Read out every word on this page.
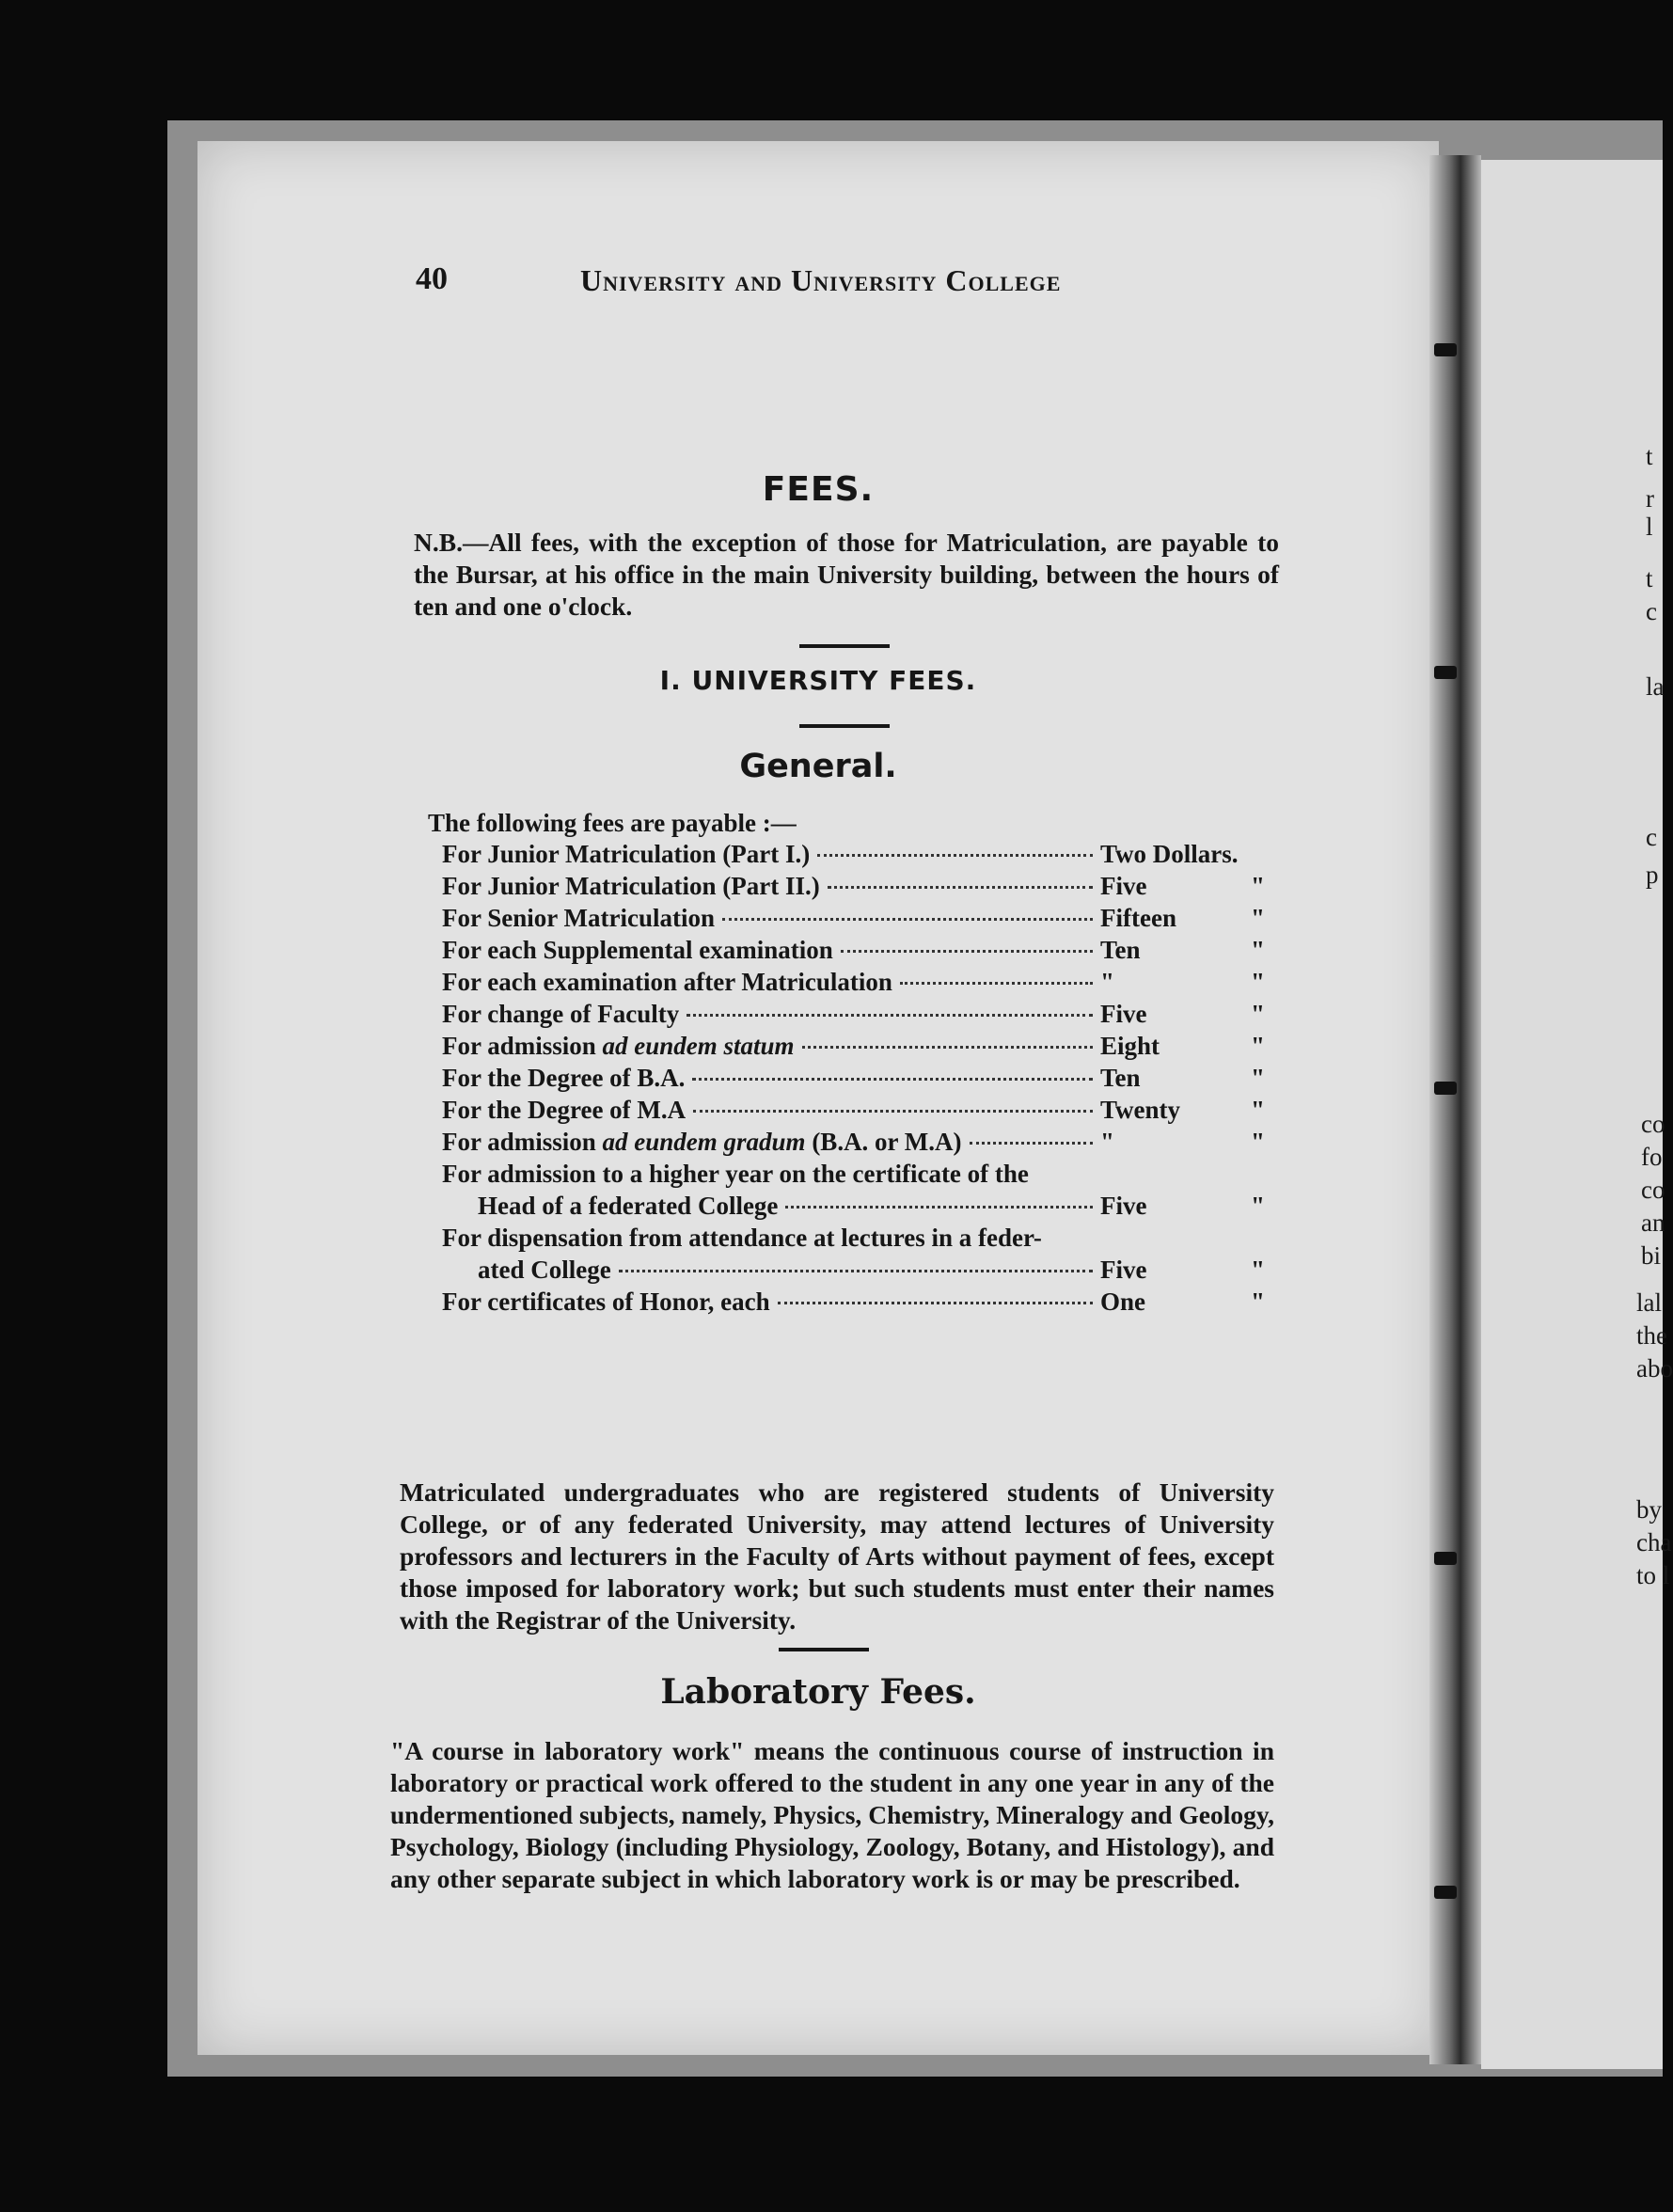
40	University and University College
FEES.
N.B.—All fees, with the exception of those for Matriculation, are payable to the Bursar, at his office in the main University building, between the hours of ten and one o'clock.
I. UNIVERSITY FEES.
General.
The following fees are payable :—
For Junior Matriculation (Part I.)	Two Dollars.
For Junior Matriculation (Part II.)	Five	"
For Senior Matriculation	Fifteen	"
For each Supplemental examination	Ten	"
For each examination after Matriculation	"	"
For change of Faculty	Five	"
For admission ad eundem statum	Eight	"
For the Degree of B.A.	Ten	"
For the Degree of M.A	Twenty	"
For admission ad eundem gradum (B.A. or M.A)	"	"
For admission to a higher year on the certificate of the
Head of a federated College	Five	"
For dispensation from attendance at lectures in a feder-
ated College	Five	"
For certificates of Honor, each	One	"
Matriculated undergraduates who are registered students of University College, or of any federated University, may attend lectures of University professors and lecturers in the Faculty of Arts without payment of fees, except those imposed for laboratory work; but such students must enter their names with the Registrar of the University.
Laboratory Fees.
"A course in laboratory work" means the continuous course of instruction in laboratory or practical work offered to the student in any one year in any of the undermentioned subjects, namely, Physics, Chemistry, Mineralogy and Geology, Psychology, Biology (including Physiology, Zoology, Botany, and Histology), and any other separate subject in which laboratory work is or may be prescribed.
t
r
l
t
c
la
c
p
co
fo
co
an
bi
lal
the
abo
by
cha
to l
